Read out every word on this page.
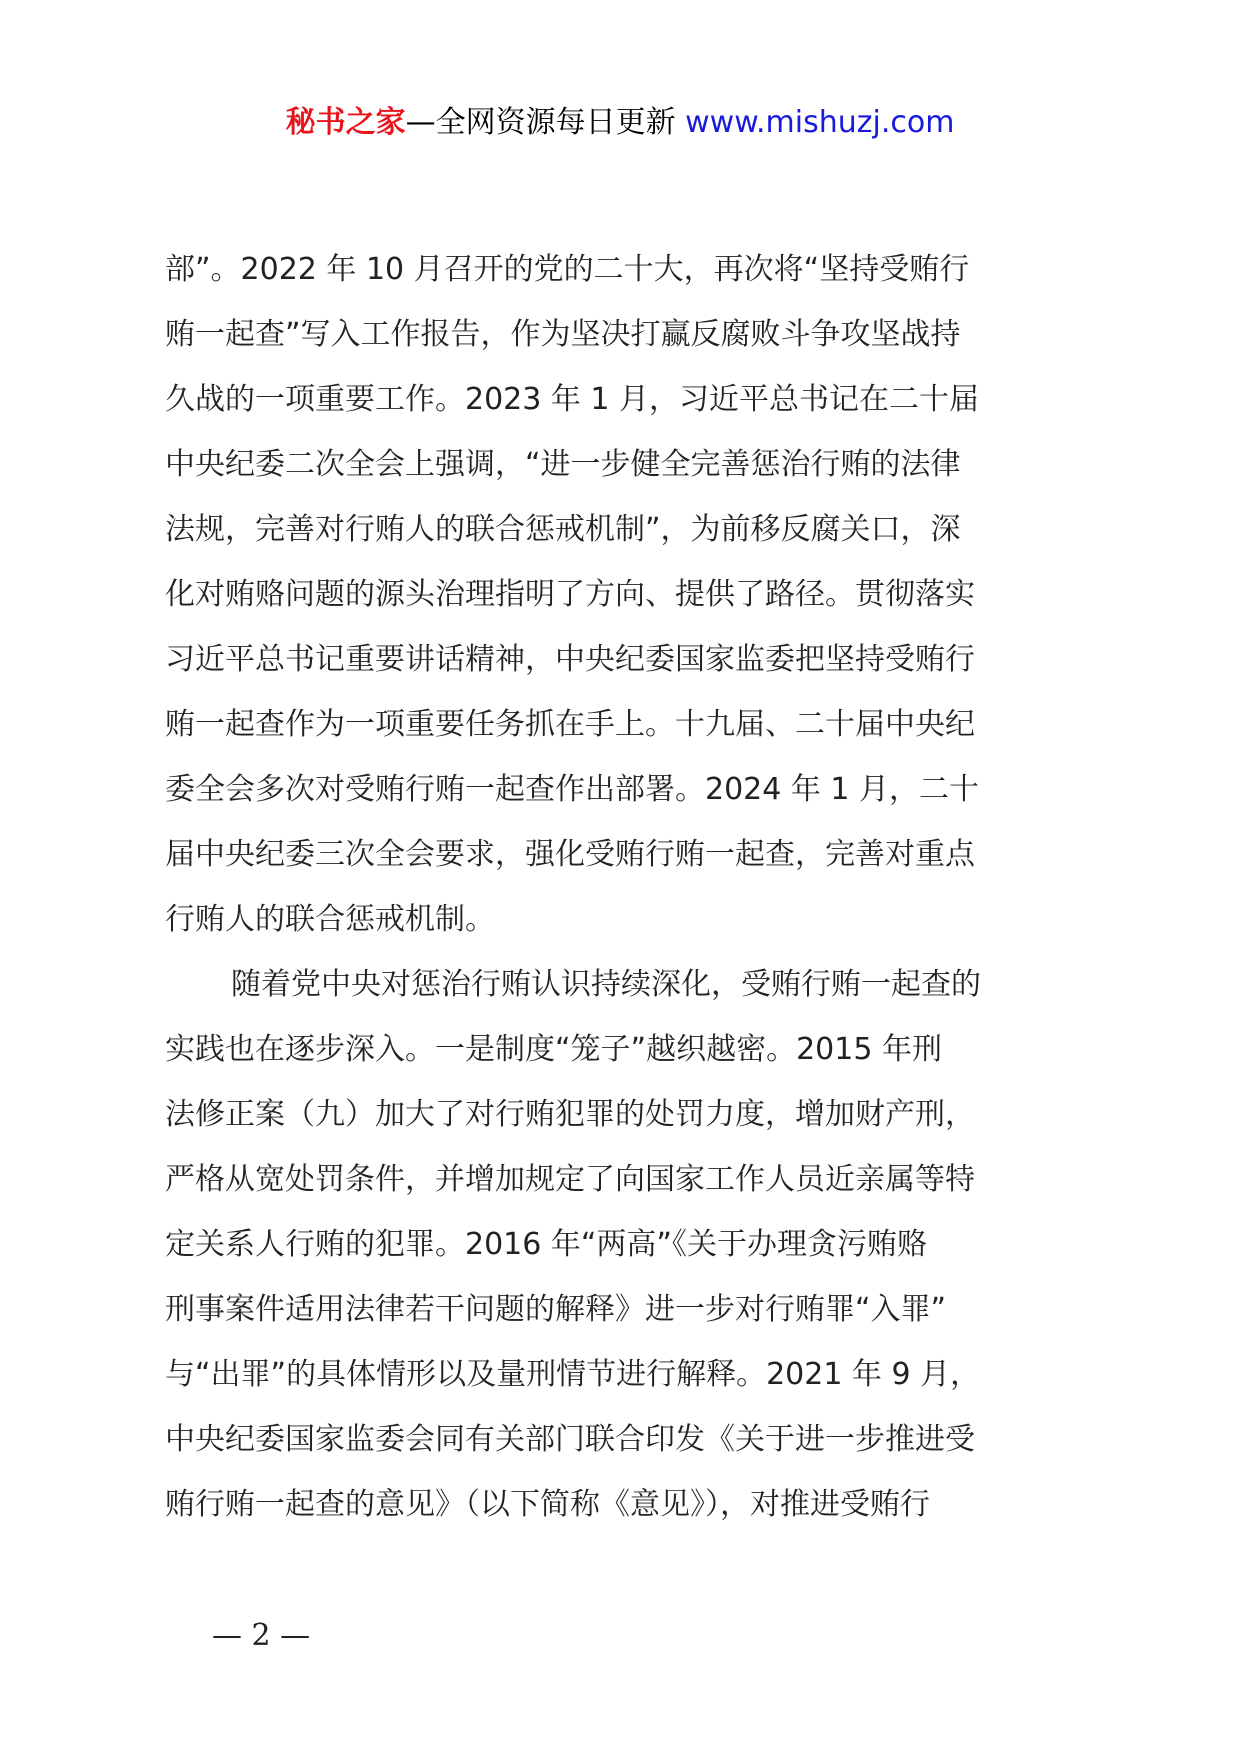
秘书之家—全网资源每日更新 www.mishuzj.com
部”。2022 年 10 月召开的党的二十大，再次将“坚持受贿行
贿一起查”写入工作报告，作为坚决打赢反腐败斗争攻坚战持
久战的一项重要工作。2023 年 1 月，习近平总书记在二十届
中央纪委二次全会上强调，“进一步健全完善惩治行贿的法律
法规，完善对行贿人的联合惩戒机制”，为前移反腐关口，深
化对贿赂问题的源头治理指明了方向、提供了路径。贯彻落实
习近平总书记重要讲话精神，中央纪委国家监委把坚持受贿行
贿一起查作为一项重要任务抓在手上。十九届、二十届中央纪
委全会多次对受贿行贿一起查作出部署。2024 年 1 月，二十
届中央纪委三次全会要求，强化受贿行贿一起查，完善对重点
行贿人的联合惩戒机制。
随着党中央对惩治行贿认识持续深化，受贿行贿一起查的
实践也在逐步深入。一是制度“笼子”越织越密。2015 年刑
法修正案（九）加大了对行贿犯罪的处罚力度，增加财产刑，
严格从宽处罚条件，并增加规定了向国家工作人员近亲属等特
定关系人行贿的犯罪。2016 年“两高”《关于办理贪污贿赂
刑事案件适用法律若干问题的解释》进一步对行贿罪“入罪”
与“出罪”的具体情形以及量刑情节进行解释。2021 年 9 月，
中央纪委国家监委会同有关部门联合印发《关于进一步推进受
贿行贿一起查的意见》（以下简称《意见》），对推进受贿行
— 2 —
